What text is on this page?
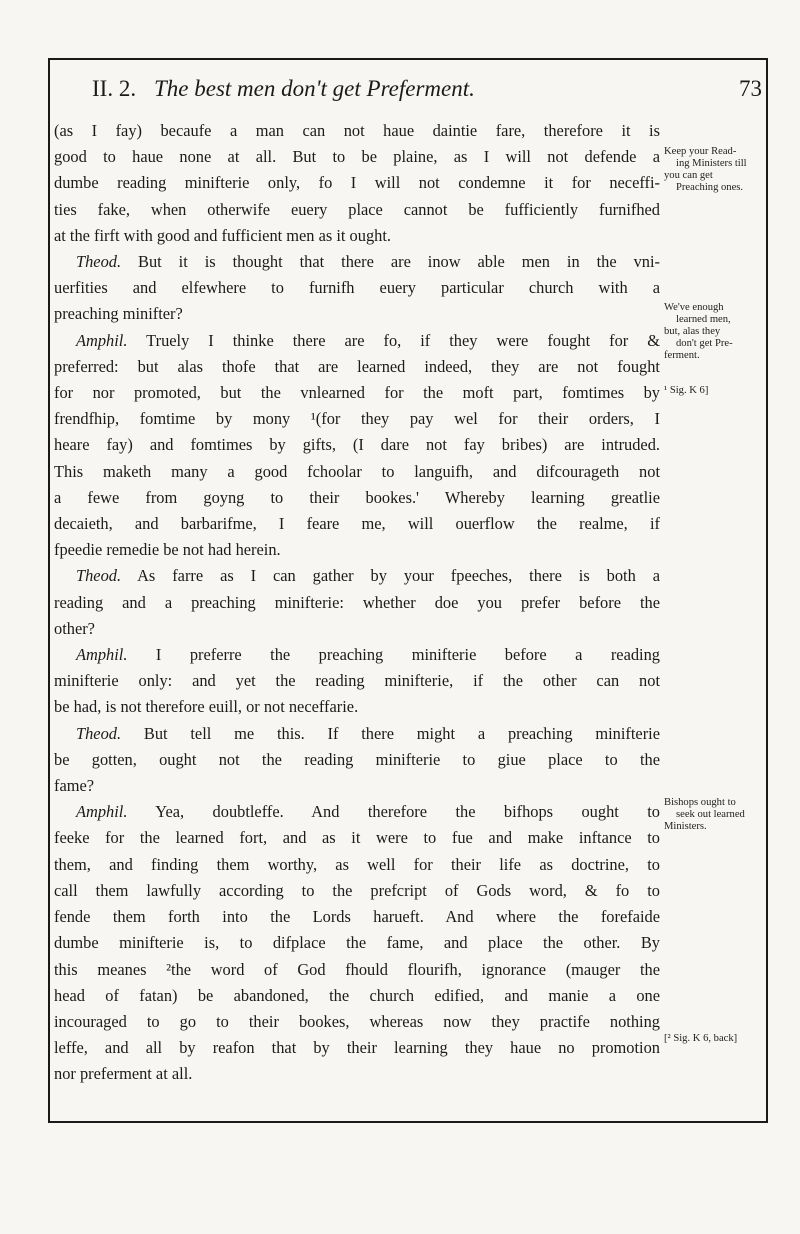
II. 2. The best men don't get Preferment.	73
(as I fay) becaufe a man can not haue daintie fare, therefore it is
good to haue none at all. But to be plaine, as I will not defende a
dumbe reading minifterie only, fo I will not condemne it for neceffi-
ties fake, when otherwife euery place cannot be fufficiently furnifhed
at the firft with good and fufficient men as it ought.
Theod. But it is thought that there are inow able men in the vni-
uerfities and elfewhere to furnifh euery particular church with a
preaching minifter?
Amphil. Truely I thinke there are fo, if they were fought for &
preferred: but alas thofe that are learned indeed, they are not fought
for nor promoted, but the vnlearned for the moft part, fomtimes by
frendfhip, fomtime by mony ¹(for they pay wel for their orders, I
heare fay) and fomtimes by gifts, (I dare not fay bribes) are intruded.
This maketh many a good fchoolar to languifh, and difcourageth not
a fewe from goyng to their bookes.' Whereby learning greatlie
decaieth, and barbarifme, I feare me, will ouerflow the realme, if
fpeedie remedie be not had herein.
Theod. As farre as I can gather by your fpeeches, there is both a
reading and a preaching minifterie: whether doe you prefer before the
other?
Amphil. I preferre the preaching minifterie before a reading
minifterie only: and yet the reading minifterie, if the other can not
be had, is not therefore euill, or not neceffarie.
Theod. But tell me this. If there might a preaching minifterie
be gotten, ought not the reading minifterie to giue place to the
fame?
Amphil. Yea, doubtleffe. And therefore the bifhops ought to
feeke for the learned fort, and as it were to fue and make inftance to
them, and finding them worthy, as well for their life as doctrine, to
call them lawfully according to the prefcript of Gods word, & fo to
fende them forth into the Lords harueft. And where the forefaide
dumbe minifterie is, to difplace the fame, and place the other. By
this meanes ²the word of God fhould flourifh, ignorance (mauger the
head of fatan) be abandoned, the church edified, and manie a one
incouraged to go to their bookes, whereas now they practife nothing
leffe, and all by reafon that by their learning they haue no promotion
nor preferment at all.
Keep your Read-
ing Ministers till
you can get
Preaching ones.
We've enough
learned men,
but, alas they
don't get Pre-
ferment.
¹ Sig. K 6]
Bishops ought to
seek out learned
Ministers.
[² Sig. K 6, back]
